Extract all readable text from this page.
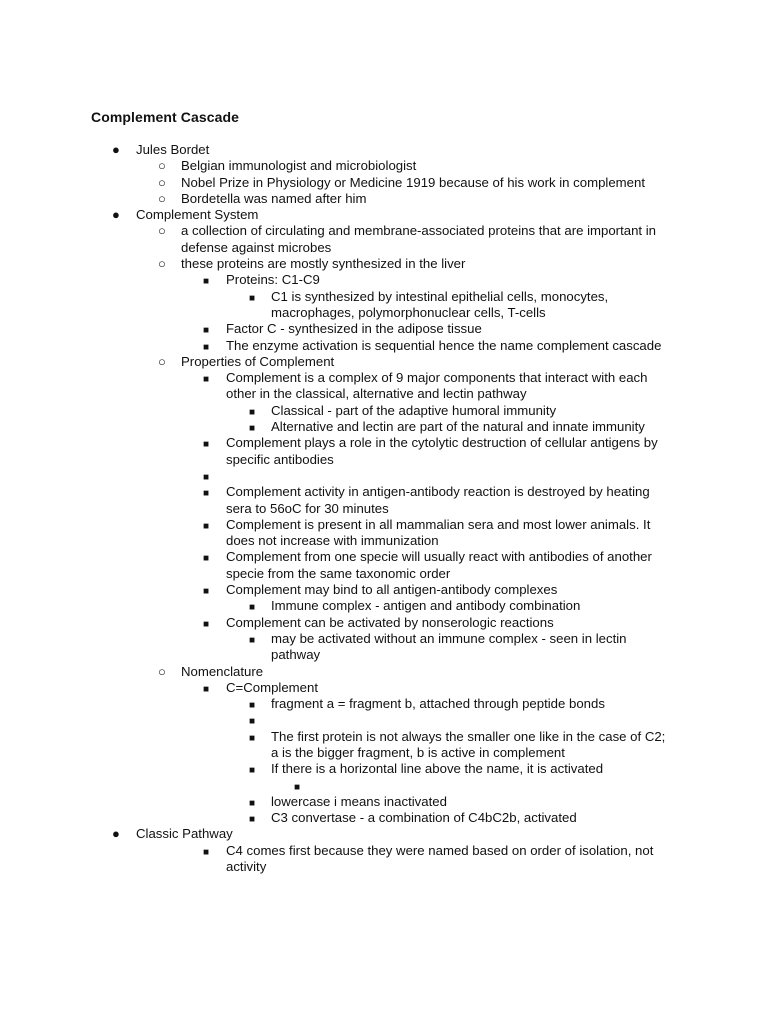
Complement Cascade
● Jules Bordet
○ Belgian immunologist and microbiologist
○ Nobel Prize in Physiology or Medicine 1919 because of his work in complement
○ Bordetella was named after him
● Complement System
○ a collection of circulating and membrane-associated proteins that are important in defense against microbes
○ these proteins are mostly synthesized in the liver
■ Proteins: C1-C9
■ C1 is synthesized by intestinal epithelial cells, monocytes, macrophages, polymorphonuclear cells, T-cells
■ Factor C - synthesized in the adipose tissue
■ The enzyme activation is sequential hence the name complement cascade
○ Properties of Complement
■ Complement is a complex of 9 major components that interact with each other in the classical, alternative and lectin pathway
■ Classical - part of the adaptive humoral immunity
■ Alternative and lectin are part of the natural and innate immunity
■ Complement plays a role in the cytolytic destruction of cellular antigens by specific antibodies
■
■ Complement activity in antigen-antibody reaction is destroyed by heating sera to 56oC for 30 minutes
■ Complement is present in all mammalian sera and most lower animals. It does not increase with immunization
■ Complement from one specie will usually react with antibodies of another specie from the same taxonomic order
■ Complement may bind to all antigen-antibody complexes
■ Immune complex - antigen and antibody combination
■ Complement can be activated by nonserologic reactions
■ may be activated without an immune complex - seen in lectin pathway
○ Nomenclature
■ C=Complement
■ fragment a = fragment b, attached through peptide bonds
■
■ The first protein is not always the smaller one like in the case of C2; a is the bigger fragment, b is active in complement
■ If there is a horizontal line above the name, it is activated
■
■ lowercase i means inactivated
■ C3 convertase - a combination of C4bC2b, activated
● Classic Pathway
■ C4 comes first because they were named based on order of isolation, not activity
